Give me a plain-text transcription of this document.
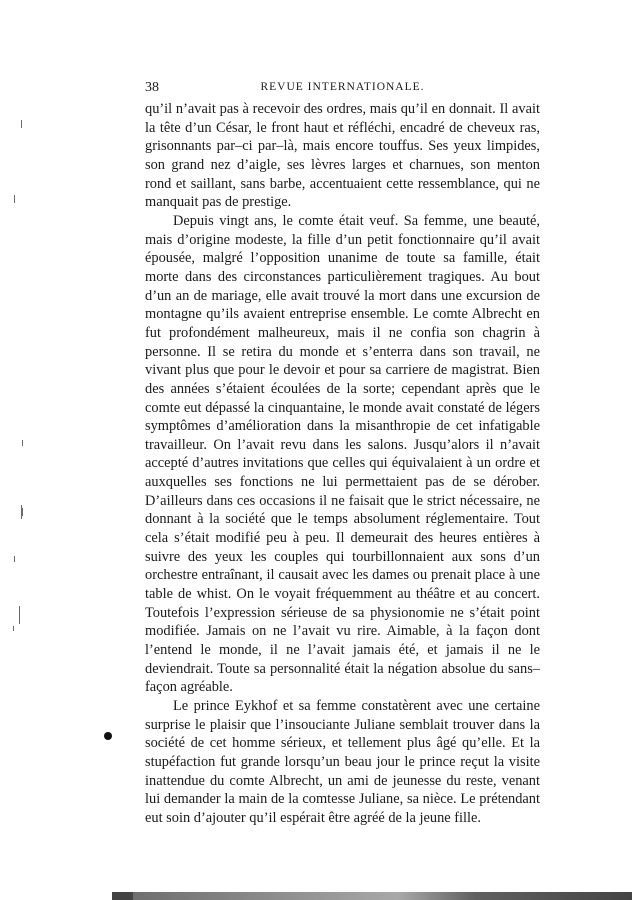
38	REVUE INTERNATIONALE.

qu’il n’avait pas à recevoir des ordres, mais qu’il en donnait. Il avait la tête d’un César, le front haut et réfléchi, encadré de cheveux ras, grisonnants par–ci par–là, mais encore touffus. Ses yeux limpides, son grand nez d’aigle, ses lèvres larges et charnues, son menton rond et saillant, sans barbe, accentuaient cette ressemblance, qui ne manquait pas de prestige.

Depuis vingt ans, le comte était veuf. Sa femme, une beauté, mais d’origine modeste, la fille d’un petit fonctionnaire qu’il avait épousée, malgré l’opposition unanime de toute sa famille, était morte dans des circonstances particulièrement tragiques. Au bout d’un an de mariage, elle avait trouvé la mort dans une excursion de montagne qu’ils avaient entreprise ensemble. Le comte Albrecht en fut profondément malheureux, mais il ne confia son chagrin à personne. Il se retira du monde et s’enterra dans son travail, ne vivant plus que pour le devoir et pour sa carriere de magistrat. Bien des années s’étaient écoulées de la sorte; cependant après que le comte eut dépassé la cinquantaine, le monde avait constaté de légers symptômes d’amélioration dans la misanthropie de cet infatigable travailleur. On l’avait revu dans les salons. Jusqu’alors il n’avait accepté d’autres invitations que celles qui équivalaient à un ordre et auxquelles ses fonctions ne lui permettaient pas de se dérober. D’ailleurs dans ces occasions il ne faisait que le strict nécessaire, ne donnant à la société que le temps absolument réglementaire. Tout cela s’était modifié peu à peu. Il demeurait des heures entières à suivre des yeux les couples qui tourbillonnaient aux sons d’un orchestre entraînant, il causait avec les dames ou prenait place à une table de whist. On le voyait fréquemment au théâtre et au concert. Toutefois l’expression sérieuse de sa physionomie ne s’était point modifiée. Jamais on ne l’avait vu rire. Aimable, à la façon dont l’entend le monde, il ne l’avait jamais été, et jamais il ne le deviendrait. Toute sa personnalité était la négation absolue du sans–façon agréable.

Le prince Eykhof et sa femme constatèrent avec une certaine surprise le plaisir que l’insouciante Juliane semblait trouver dans la société de cet homme sérieux, et tellement plus âgé qu’elle. Et la stupéfaction fut grande lorsqu’un beau jour le prince reçut la visite inattendue du comte Albrecht, un ami de jeunesse du reste, venant lui demander la main de la comtesse Juliane, sa nièce. Le prétendant eut soin d’ajouter qu’il espérait être agréé de la jeune fille.
